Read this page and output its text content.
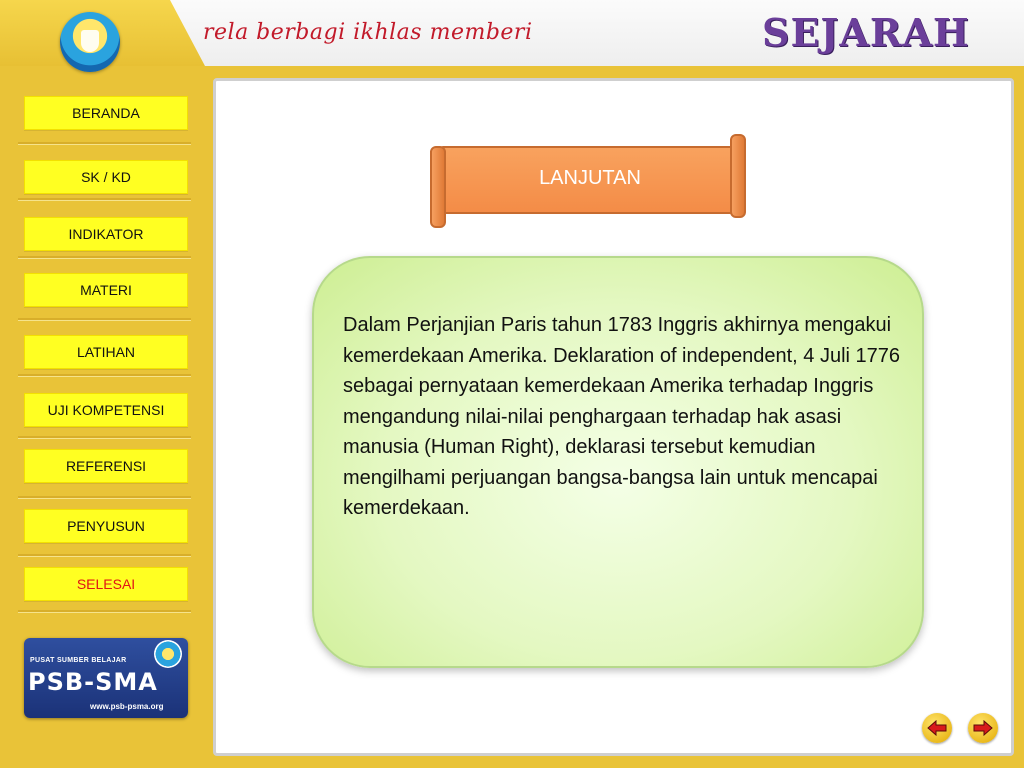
rela berbagi ikhlas memberi	SEJARAH
BERANDA
SK / KD
INDIKATOR
MATERI
LATIHAN
UJI KOMPETENSI
REFERENSI
PENYUSUN
SELESAI
PUSAT SUMBER BELAJAR
PSB-SMA
www.psb-psma.org
LANJUTAN
Dalam Perjanjian Paris tahun 1783 Inggris akhirnya mengakui kemerdekaan Amerika. Deklaration of independent, 4 Juli 1776 sebagai pernyataan kemerdekaan Amerika terhadap Inggris mengandung nilai-nilai penghargaan terhadap hak asasi manusia (Human Right), deklarasi tersebut kemudian mengilhami perjuangan bangsa-bangsa lain untuk mencapai kemerdekaan.
